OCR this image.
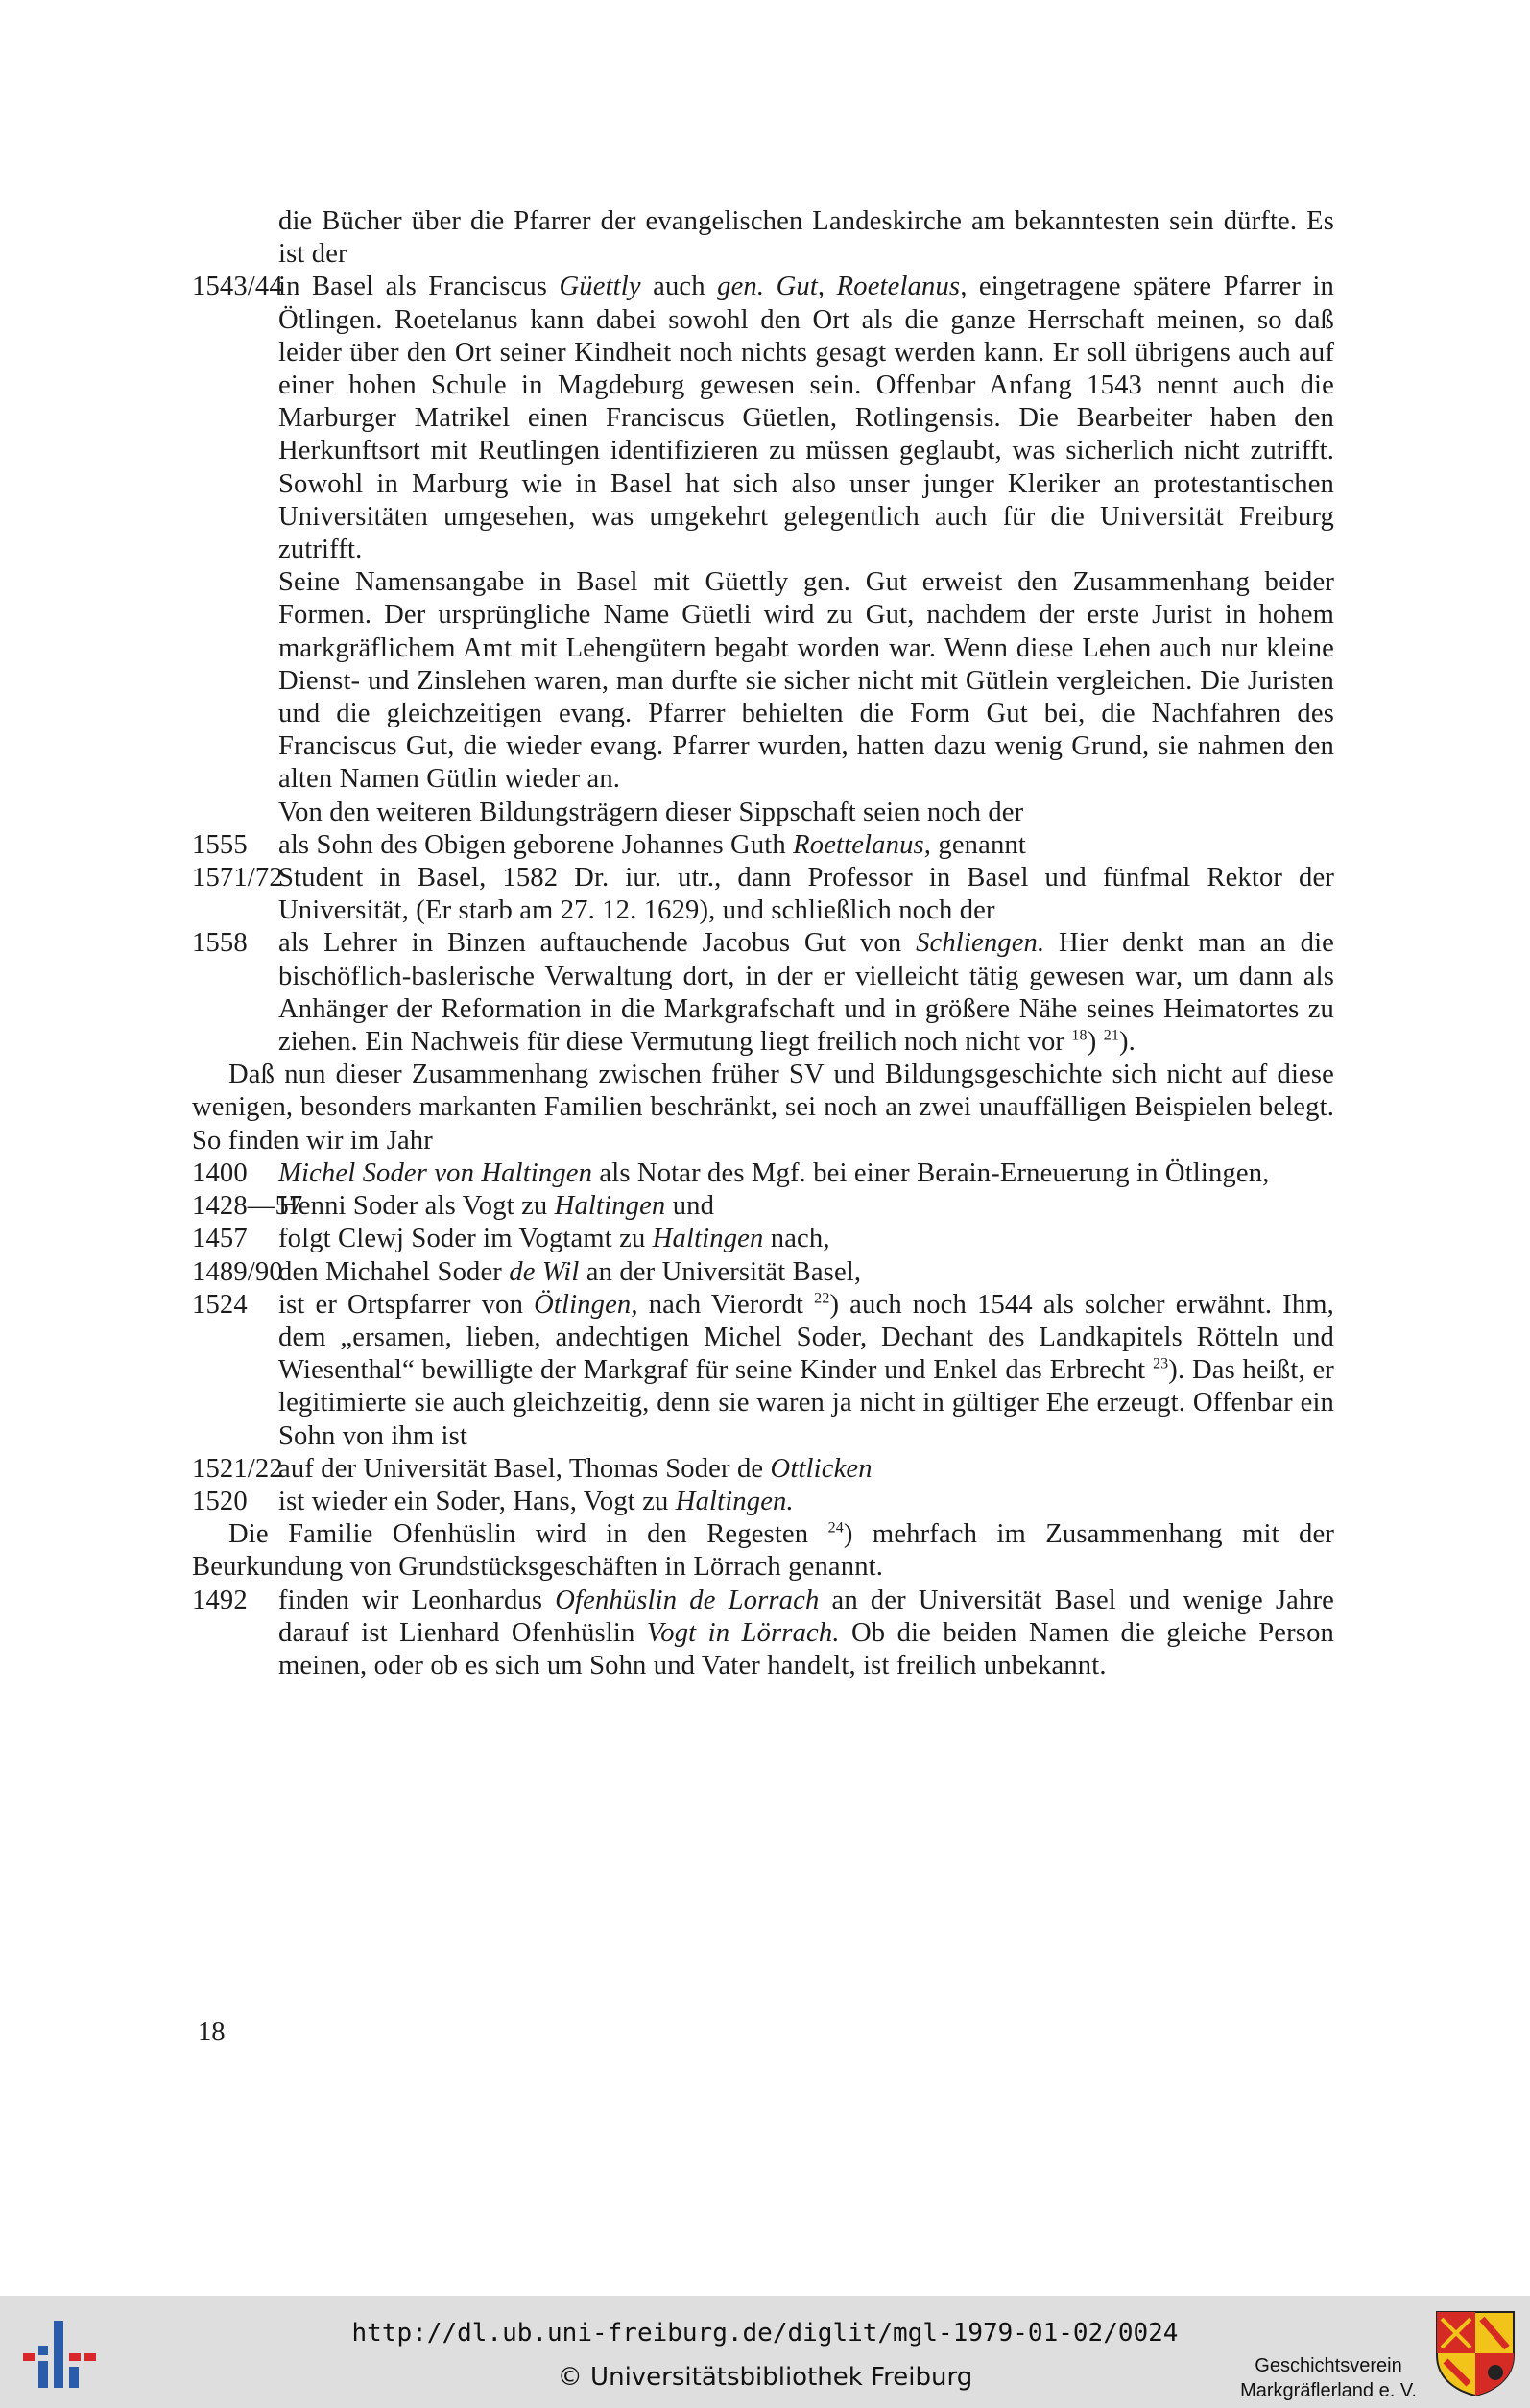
die Bücher über die Pfarrer der evangelischen Landeskirche am bekanntesten sein dürfte. Es ist der

1543/44
in Basel als Franciscus Güettly auch gen. Gut, Roetelanus, eingetragene spätere Pfarrer in Ötlingen. Roetelanus kann dabei sowohl den Ort als die ganze Herrschaft meinen, so daß leider über den Ort seiner Kindheit noch nichts gesagt werden kann. Er soll übrigens auch auf einer hohen Schule in Magdeburg gewesen sein. Offenbar Anfang 1543 nennt auch die Marburger Matrikel einen Franciscus Güetlen, Rotlingensis. Die Bearbeiter haben den Herkunftsort mit Reutlingen identifizieren zu müssen geglaubt, was sicherlich nicht zutrifft. Sowohl in Marburg wie in Basel hat sich also unser junger Kleriker an protestantischen Universitäten umgesehen, was umgekehrt gelegentlich auch für die Universität Freiburg zutrifft.

Seine Namensangabe in Basel mit Güettly gen. Gut erweist den Zusammenhang beider Formen. Der ursprüngliche Name Güetli wird zu Gut, nachdem der erste Jurist in hohem markgräflichem Amt mit Lehengütern begabt worden war. Wenn diese Lehen auch nur kleine Dienst- und Zinslehen waren, man durfte sie sicher nicht mit Gütlein vergleichen. Die Juristen und die gleichzeitigen evang. Pfarrer behielten die Form Gut bei, die Nachfahren des Franciscus Gut, die wieder evang. Pfarrer wurden, hatten dazu wenig Grund, sie nahmen den alten Namen Gütlin wieder an.

Von den weiteren Bildungsträgern dieser Sippschaft seien noch der

1555 als Sohn des Obigen geborene Johannes Guth Roettelanus, genannt
1571/72
Student in Basel, 1582 Dr. iur. utr., dann Professor in Basel und fünfmal Rektor der Universität, (Er starb am 27. 12. 1629), und schließlich noch der
1558 als Lehrer in Binzen auftauchende Jacobus Gut von Schliengen. Hier denkt man an die bischöflich-baslerische Verwaltung dort, in der er vielleicht tätig gewesen war, um dann als Anhänger der Reformation in die Markgrafschaft und in größere Nähe seines Heimatortes zu ziehen. Ein Nachweis für diese Vermutung liegt freilich noch nicht vor $^{18}$) $^{21}$).

Daß nun dieser Zusammenhang zwischen früher SV und Bildungsgeschichte sich nicht auf diese wenigen, besonders markanten Familien beschränkt, sei noch an zwei unauffälligen Beispielen belegt. So finden wir im Jahr

1400 Michel Soder von Haltingen als Notar des Mgf. bei einer Berain-Erneuerung in Ötlingen,
1428—57
Henni Soder als Vogt zu Haltingen und
1457 folgt Clewj Soder im Vogtamt zu Haltingen nach,
1489/90
den Michahel Soder de Wil an der Universität Basel,
1524 ist er Ortspfarrer von Ötlingen, nach Vierordt $^{22}$) auch noch 1544 als solcher erwähnt. Ihm, dem „ersamen, lieben, andechtigen Michel Soder, Dechant des Landkapitels Rötteln und Wiesenthal“ bewilligte der Markgraf für seine Kinder und Enkel das Erbrecht $^{23}$). Das heißt, er legitimierte sie auch gleichzeitig, denn sie waren ja nicht in gültiger Ehe erzeugt. Offenbar ein Sohn von ihm ist
1521/22
auf der Universität Basel, Thomas Soder de Ottlicken
1520 ist wieder ein Soder, Hans, Vogt zu Haltingen.

Die Familie Ofenhüslin wird in den Regesten $^{24}$) mehrfach im Zusammenhang mit der Beurkundung von Grundstücksgeschäften in Lörrach genannt.

1492 finden wir Leonhardus Ofenhüslin de Lorrach an der Universität Basel und wenige Jahre darauf ist Lienhard Ofenhüslin Vogt in Lörrach. Ob die beiden Namen die gleiche Person meinen, oder ob es sich um Sohn und Vater handelt, ist freilich unbekannt.
18
http://dl.ub.uni-freiburg.de/diglit/mgl-1979-01-02/0024
© Universitätsbibliothek Freiburg	Geschichtsverein
Markgräflerland e. V.
